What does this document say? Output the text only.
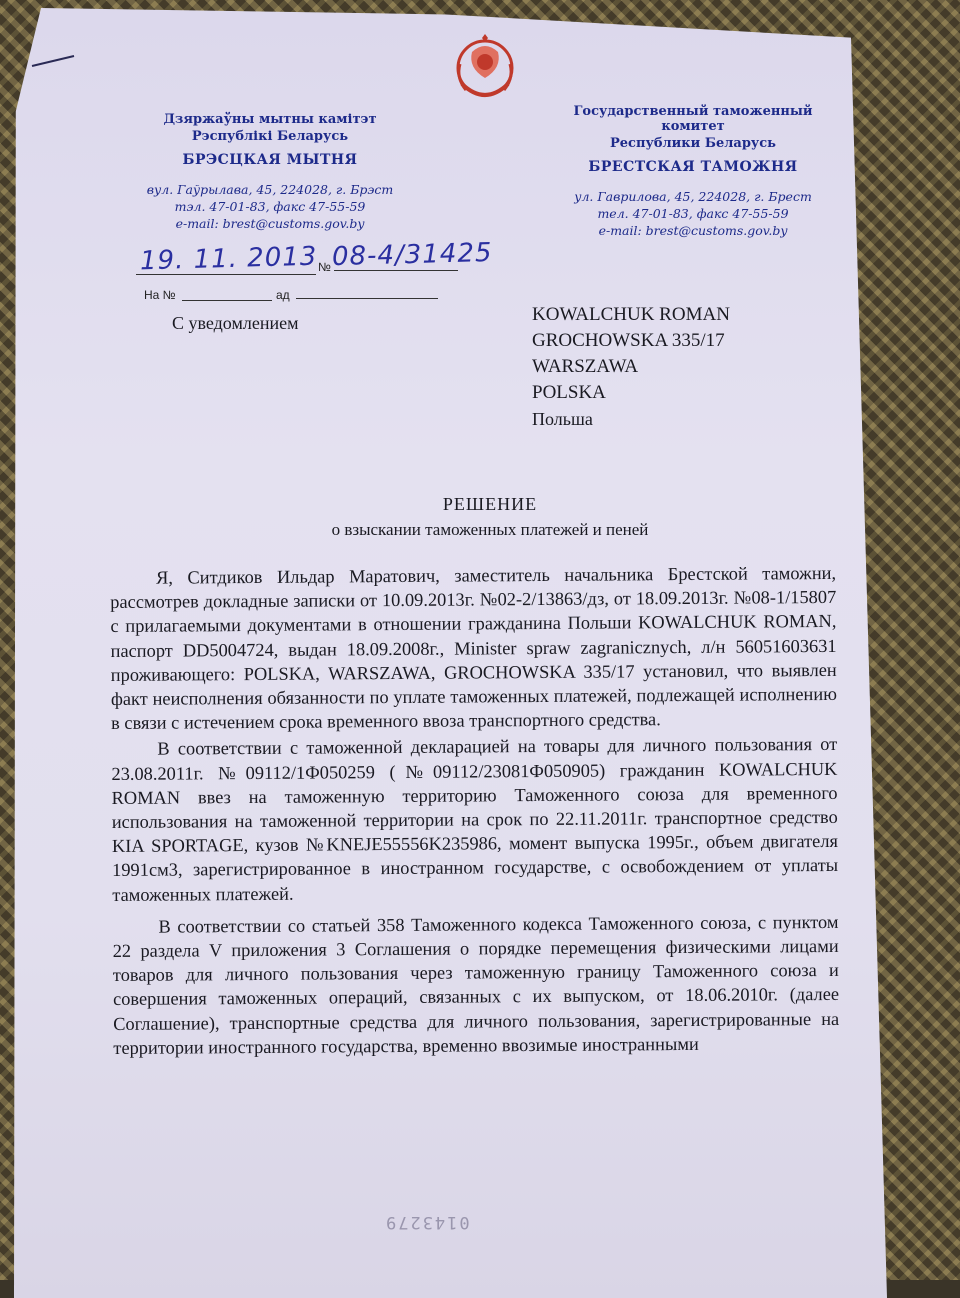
Дзяржаўны мытны камітэт
Рэспублікі Беларусь
БРЭСЦКАЯ МЫТНЯ
вул. Гаўрылава, 45, 224028, г. Брэст
тэл. 47-01-83, факс 47-55-59
e-mail: brest@customs.gov.by
Государственный таможенный комитет
Республики Беларусь
БРЕСТСКАЯ ТАМОЖНЯ
ул. Гаврилова, 45, 224028, г. Брест
тел. 47-01-83, факс 47-55-59
e-mail: brest@customs.gov.by
19. 11. 2013 № 08-4/31425
На №	ад
С уведомлением	KOWALCHUK ROMAN
GROCHOWSKA 335/17
WARSZAWA
POLSKA
Польша
РЕШЕНИЕ
о взыскании таможенных платежей и пеней

Я, Ситдиков Ильдар Маратович, заместитель начальника Брестской таможни, рассмотрев докладные записки от 10.09.2013г. №02-2/13863/дз, от 18.09.2013г. №08-1/15807 с прилагаемыми документами в отношении гражданина Польши KOWALCHUK ROMAN, паспорт DD5004724, выдан 18.09.2008г., Minister spraw zagranicznych, л/н 56051603631 проживающего: POLSKA, WARSZAWA, GROCHOWSKA 335/17 установил, что выявлен факт неисполнения обязанности по уплате таможенных платежей, подлежащей исполнению в связи с истечением срока временного ввоза транспортного средства.

В соответствии с таможенной декларацией на товары для личного пользования от 23.08.2011г. №09112/1Ф050259 (№09112/23081Ф050905) гражданин KOWALCHUK ROMAN ввез на таможенную территорию Таможенного союза для временного использования на таможенной территории на срок по 22.11.2011г. транспортное средство KIA SPORTAGE, кузов №KNEJE55556K235986, момент выпуска 1995г., объем двигателя 1991см3, зарегистрированное в иностранном государстве, с освобождением от уплаты таможенных платежей.

В соответствии со статьей 358 Таможенного кодекса Таможенного союза, с пунктом 22 раздела V приложения 3 Соглашения о порядке перемещения физическими лицами товаров для личного пользования через таможенную границу Таможенного союза и совершения таможенных операций, связанных с их выпуском, от 18.06.2010г. (далее Соглашение), транспортные средства для личного пользования, зарегистрированные на территории иностранного государства, временно ввозимые иностранными

0143279
